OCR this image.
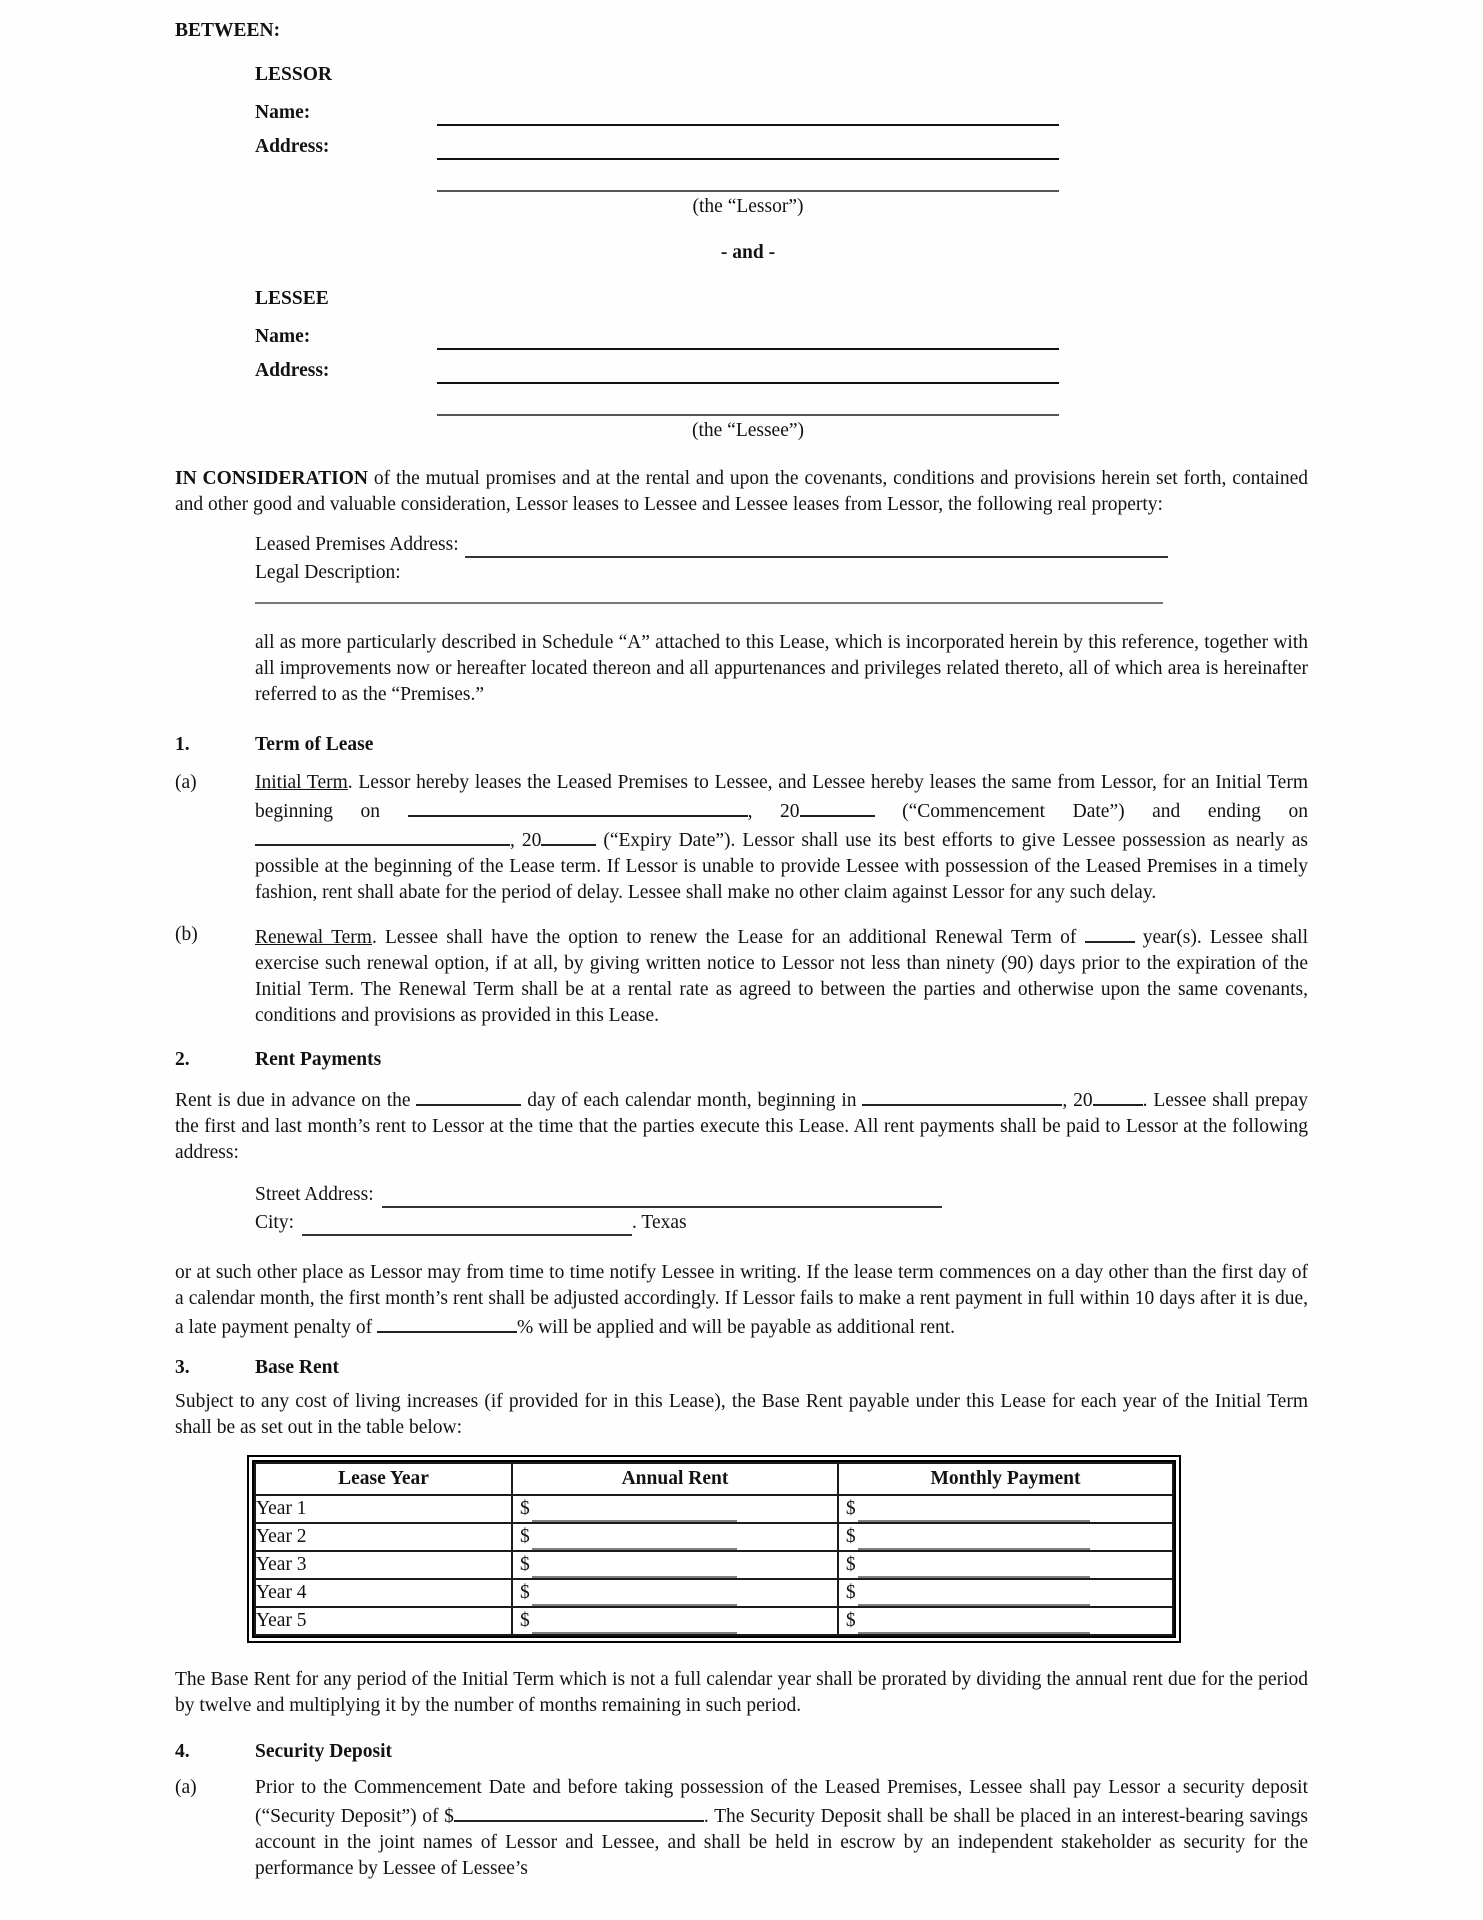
BETWEEN:
LESSOR
Name:
Address:
(the “Lessor”)
- and -
LESSEE
Name:
Address:
(the “Lessee”)

IN CONSIDERATION of the mutual promises and at the rental and upon the covenants, conditions and provisions herein set forth, contained and other good and valuable consideration, Lessor leases to Lessee and Lessee leases from Lessor, the following real property:

Leased Premises Address:
Legal Description:

all as more particularly described in Schedule “A” attached to this Lease, which is incorporated herein by this reference, together with all improvements now or hereafter located thereon and all appurtenances and privileges related thereto, all of which area is hereinafter referred to as the “Premises.”

1.	Term of Lease
(a)	Initial Term. Lessor hereby leases the Leased Premises to Lessee, and Lessee hereby leases the same from Lessor, for an Initial Term beginning on	, 20	(“Commencement Date”) and ending on , 20	(“Expiry Date”). Lessor shall use its best efforts to give Lessee possession as nearly as possible at the beginning of the Lease term. If Lessor is unable to provide Lessee with possession of the Leased Premises in a timely fashion, rent shall abate for the period of delay. Lessee shall make no other claim against Lessor for any such delay.
(b)	Renewal Term. Lessee shall have the option to renew the Lease for an additional Renewal Term of	year(s). Lessee shall exercise such renewal option, if at all, by giving written notice to Lessor not less than ninety (90) days prior to the expiration of the Initial Term. The Renewal Term shall be at a rental rate as agreed to between the parties and otherwise upon the same covenants, conditions and provisions as provided in this Lease.
2.	Rent Payments

Rent is due in advance on the	day of each calendar month, beginning in	, 20	. Lessee shall prepay the first and last month’s rent to Lessor at the time that the parties execute this Lease. All rent payments shall be paid to Lessor at the following address:

Street Address:
City:	. Texas

or at such other place as Lessor may from time to time notify Lessee in writing. If the lease term commences on a day other than the first day of a calendar month, the first month’s rent shall be adjusted accordingly. If Lessor fails to make a rent payment in full within 10 days after it is due, a late payment penalty of	% will be applied and will be payable as additional rent.

3.	Base Rent

Subject to any cost of living increases (if provided for in this Lease), the Base Rent payable under this Lease for each year of the Initial Term shall be as set out in the table below:

Lease Year	Annual Rent	Monthly Payment
Year 1	$	$

Year 2	$	$

Year 3	$	$

Year 4	$	$

Year 5	$	$

The Base Rent for any period of the Initial Term which is not a full calendar year shall be prorated by dividing the annual rent due for the period by twelve and multiplying it by the number of months remaining in such period.

4.	Security Deposit
(a)	Prior to the Commencement Date and before taking possession of the Leased Premises, Lessee shall pay Lessor a security deposit (“Security Deposit”) of $	. The Security Deposit shall be shall be placed in an interest-bearing savings account in the joint names of Lessor and Lessee, and shall be held in escrow by an independent stakeholder as security for the performance by Lessee of Lessee’s
